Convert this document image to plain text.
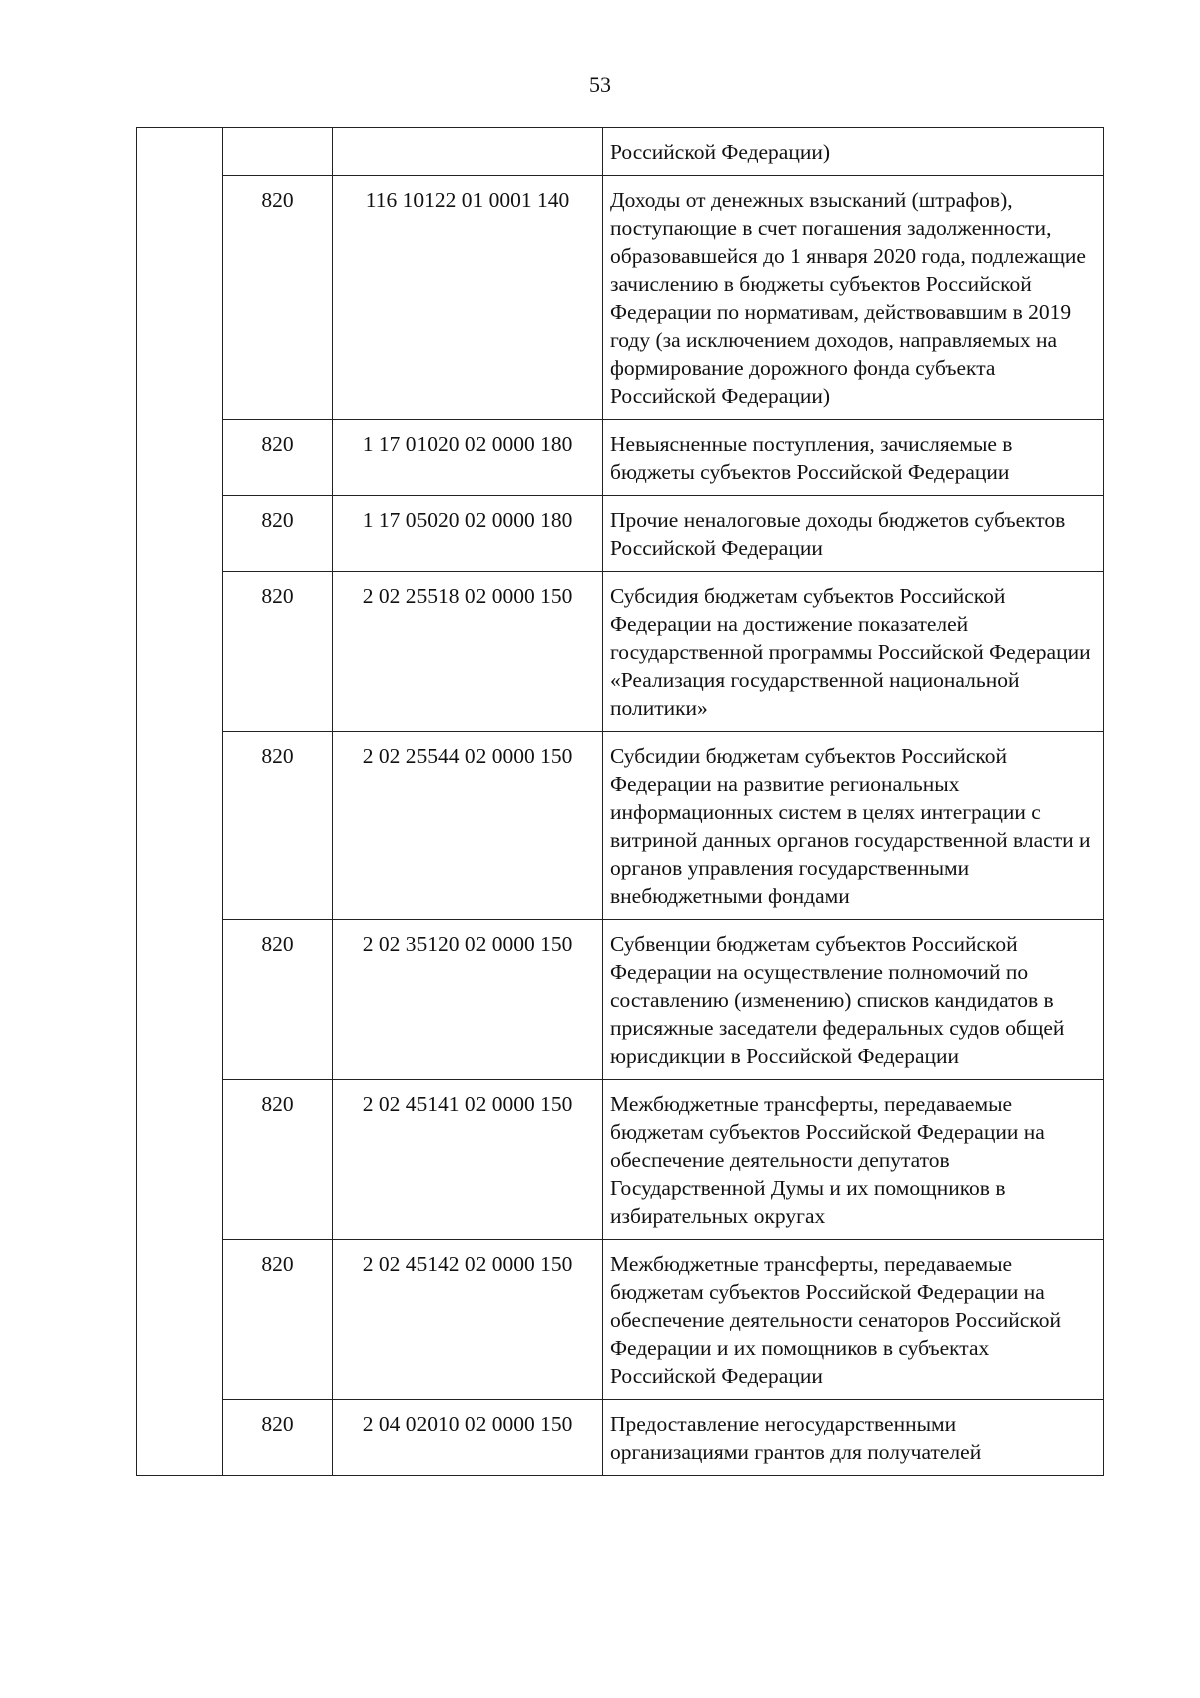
53
			Российской Федерации)
	820	116 10122 01 0001 140	Доходы от денежных взысканий (штрафов), поступающие в счет погашения задолженности, образовавшейся до 1 января 2020 года, подлежащие зачислению в бюджеты субъектов Российской Федерации по нормативам, действовавшим в 2019 году (за исключением доходов, направляемых на формирование дорожного фонда субъекта Российской Федерации)
	820	1 17 01020 02 0000 180	Невыясненные поступления, зачисляемые в бюджеты субъектов Российской Федерации
	820	1 17 05020 02 0000 180	Прочие неналоговые доходы бюджетов субъектов Российской Федерации
	820	2 02 25518 02 0000 150	Субсидия бюджетам субъектов Российской Федерации на достижение показателей государственной программы Российской Федерации «Реализация государственной национальной политики»
	820	2 02 25544 02 0000 150	Субсидии бюджетам субъектов Российской Федерации на развитие региональных информационных систем в целях интеграции с витриной данных органов государственной власти и органов управления государственными внебюджетными фондами
	820	2 02 35120 02 0000 150	Субвенции бюджетам субъектов Российской Федерации на осуществление полномочий по составлению (изменению) списков кандидатов в присяжные заседатели федеральных судов общей юрисдикции в Российской Федерации
	820	2 02 45141 02 0000 150	Межбюджетные трансферты, передаваемые бюджетам субъектов Российской Федерации на обеспечение деятельности депутатов Государственной Думы и их помощников в избирательных округах
	820	2 02 45142 02 0000 150	Межбюджетные трансферты, передаваемые бюджетам субъектов Российской Федерации на обеспечение деятельности сенаторов Российской Федерации и их помощников в субъектах Российской Федерации
	820	2 04 02010 02 0000 150	Предоставление негосударственными организациями грантов для получателей
